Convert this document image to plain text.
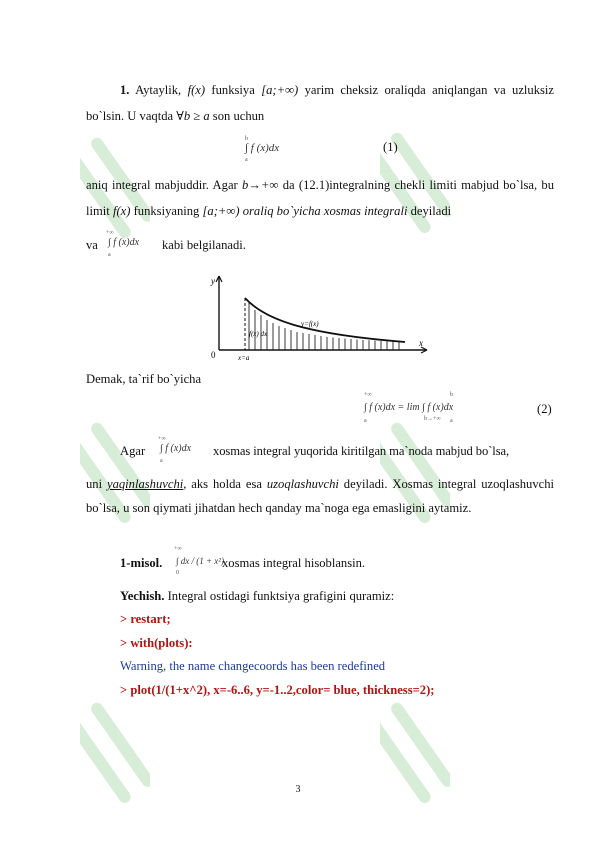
1. Aytaylik, f(x) funksiya [a;+∞) yarim cheksiz oraliqda aniqlangan va uzluksiz bo`lsin. U vaqtda ∀b ≥ a son uchun
b
∫ f (x)dx
a
(1)
aniq integral mabjuddir. Agar b→+∞ da (12.1)integralning chekli limiti mabjud bo`lsa, bu limit f(x) funksiyaning [a;+∞) oraliq bo`yicha xosmas integrali deyiladi
va
+∞
∫ f (x)dx
a
kabi belgilanadi.
y
x
0	x=a
y=f(x)
f(x) dx
Demak, ta`rif bo`yicha
+∞	b
∫ f (x)dx = lim ∫ f (x)dx
a	b→+∞ a
(2)
Agar
+∞
∫ f (x)dx
a
xosmas integral yuqorida kiritilgan ma`noda mabjud bo`lsa,
uni yaqinlashuvchi, aks holda esa uzoqlashuvchi deyiladi. Xosmas integral uzoqlashuvchi bo`lsa, u son qiymati jihatdan hech qanday ma`noga ega emasligini aytamiz.
1-misol.
+∞
∫ dx / (1 + x²)
0
xosmas integral hisoblansin.
Yechish. Integral ostidagi funktsiya grafigini quramiz:
> restart;
> with(plots):
Warning, the name changecoords has been redefined
> plot(1/(1+x^2), x=-6..6, y=-1..2,color= blue, thickness=2);
3
